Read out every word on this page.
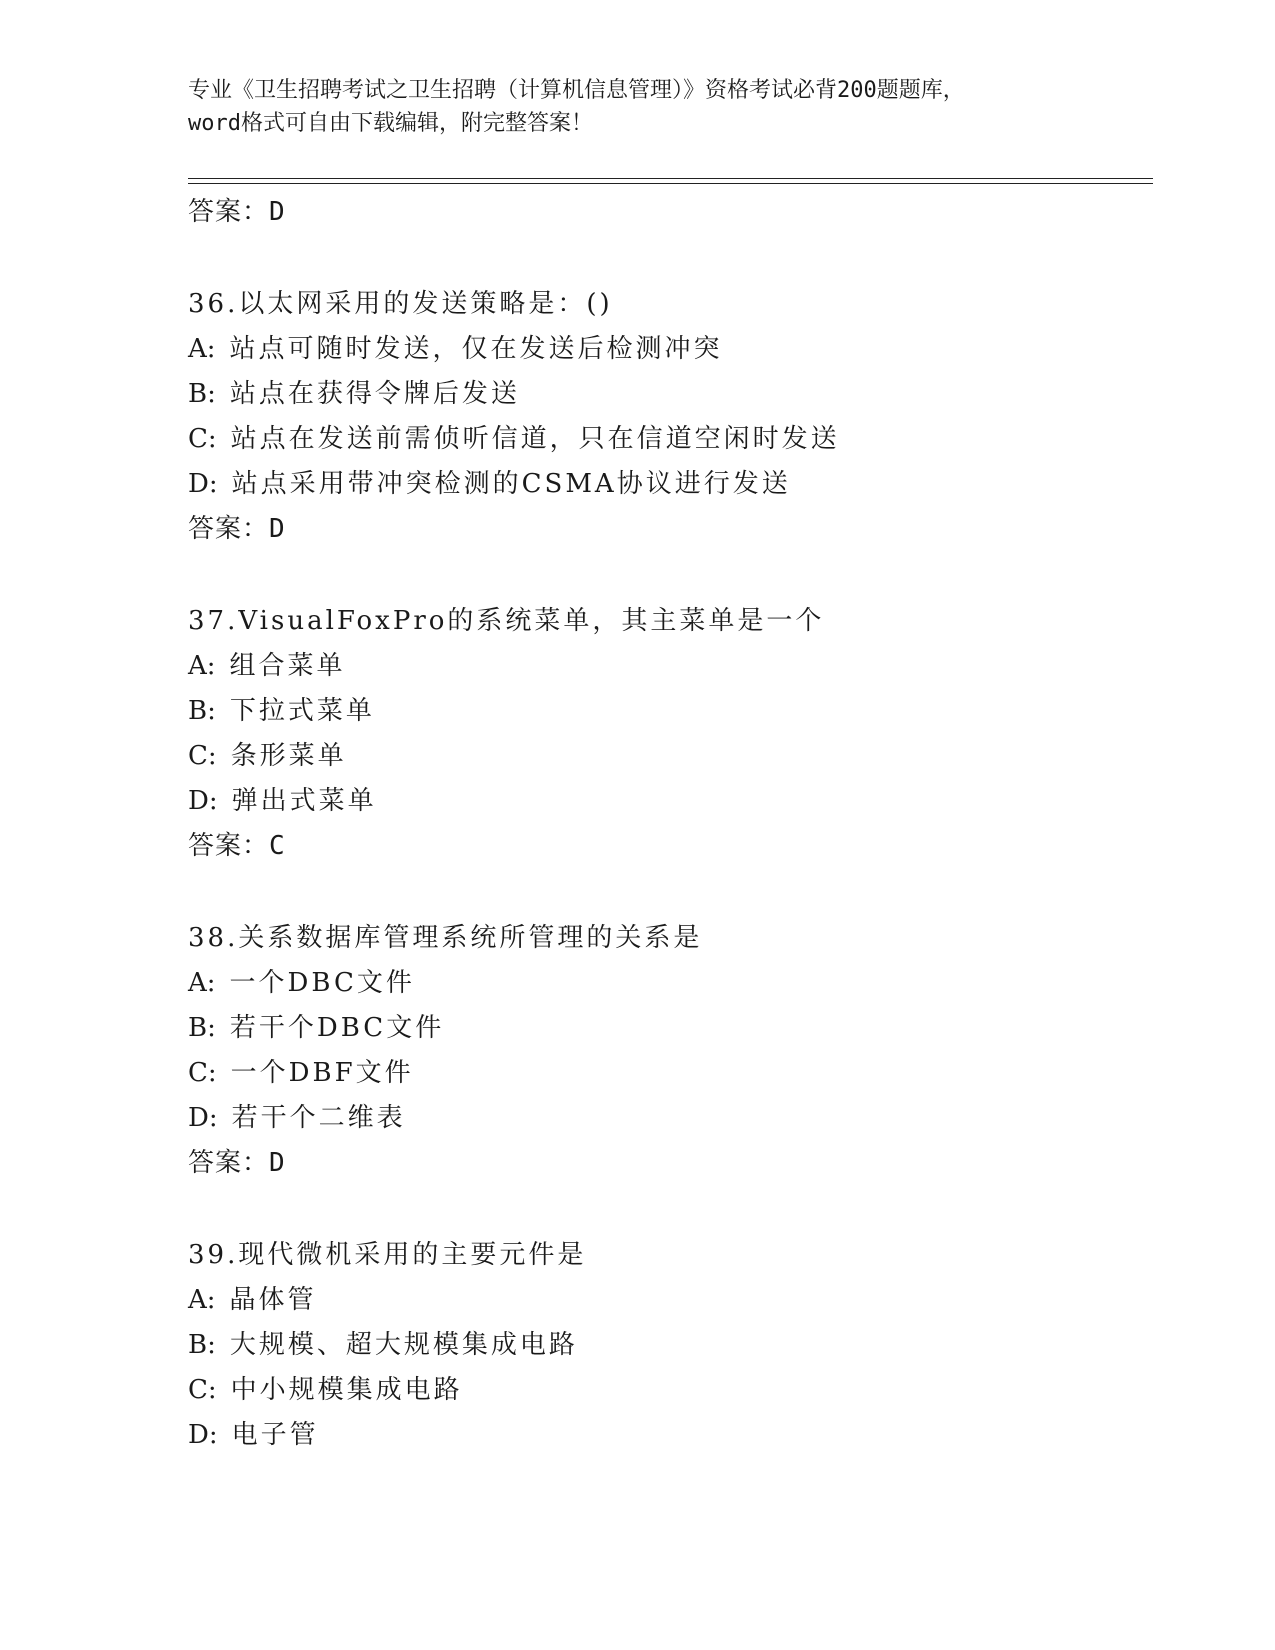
专业《卫生招聘考试之卫生招聘（计算机信息管理）》资格考试必背200题题库，
word格式可自由下载编辑，附完整答案！
答案：D
36.以太网采用的发送策略是：()
A: 站点可随时发送，仅在发送后检测冲突
B: 站点在获得令牌后发送
C: 站点在发送前需侦听信道，只在信道空闲时发送
D: 站点采用带冲突检测的CSMA协议进行发送
答案：D
37.VisualFoxPro的系统菜单，其主菜单是一个
A: 组合菜单
B: 下拉式菜单
C: 条形菜单
D: 弹出式菜单
答案：C
38.关系数据库管理系统所管理的关系是
A: 一个DBC文件
B: 若干个DBC文件
C: 一个DBF文件
D: 若干个二维表
答案：D
39.现代微机采用的主要元件是
A: 晶体管
B: 大规模、超大规模集成电路
C: 中小规模集成电路
D: 电子管
